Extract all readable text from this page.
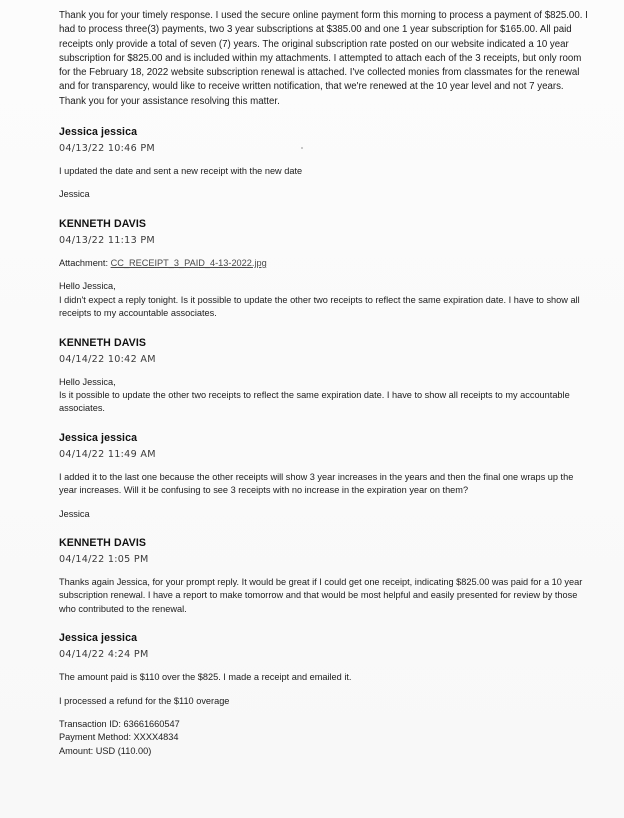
Thank you for your timely response. I used the secure online payment form this morning to process a payment of $825.00. I had to process three(3) payments, two 3 year subscriptions at $385.00 and one 1 year subscription for $165.00. All paid receipts only provide a total of seven (7) years. The original subscription rate posted on our website indicated a 10 year subscription for $825.00 and is included within my attachments. I attempted to attach each of the 3 receipts, but only room for the February 18, 2022 website subscription renewal is attached. I've collected monies from classmates for the renewal and for transparency, would like to receive written notification, that we're renewed at the 10 year level and not 7 years. Thank you for your assistance resolving this matter.

Jessica jessica
04/13/22 10:46 PM

I updated the date and sent a new receipt with the new date

Jessica

KENNETH DAVIS
04/13/22 11:13 PM

Attachment: CC_RECEIPT_3_PAID_4-13-2022.jpg

Hello Jessica,

I didn't expect a reply tonight. Is it possible to update the other two receipts to reflect the same expiration date. I have to show all receipts to my accountable associates.

KENNETH DAVIS
04/14/22 10:42 AM

Hello Jessica,

Is it possible to update the other two receipts to reflect the same expiration date. I have to show all receipts to my accountable associates.

Jessica jessica
04/14/22 11:49 AM

I added it to the last one because the other receipts will show 3 year increases in the years and then the final one wraps up the year increases. Will it be confusing to see 3 receipts with no increase in the expiration year on them?

Jessica

KENNETH DAVIS
04/14/22 1:05 PM

Thanks again Jessica, for your prompt reply. It would be great if I could get one receipt, indicating $825.00 was paid for a 10 year subscription renewal. I have a report to make tomorrow and that would be most helpful and easily presented for review by those who contributed to the renewal.

Jessica jessica
04/14/22 4:24 PM

The amount paid is $110 over the $825. I made a receipt and emailed it.

I processed a refund for the $110 overage

Transaction ID: 63661660547

Payment Method: XXXX4834

Amount: USD (110.00)
